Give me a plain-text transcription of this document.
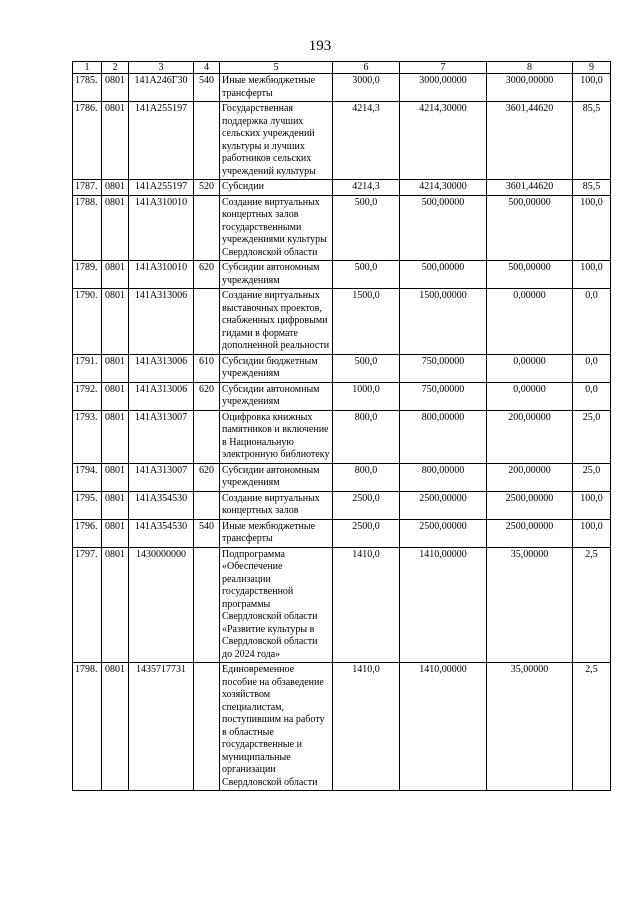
193
1	2	3	4	5	6	7	8	9
1785.	0801	141A246Г30	540	Иные межбюджетные трансферты	3000,0	3000,00000	3000,00000	100,0
1786.	0801	141A255197		Государственная поддержка лучших сельских учреждений культуры и лучших работников сельских учреждений культуры	4214,3	4214,30000	3601,44620	85,5
1787.	0801	141A255197	520	Субсидии	4214,3	4214,30000	3601,44620	85,5
1788.	0801	141A310010		Создание виртуальных концертных залов государственными учреждениями культуры Свердловской области	500,0	500,00000	500,00000	100,0
1789.	0801	141A310010	620	Субсидии автономным учреждениям	500,0	500,00000	500,00000	100,0
1790.	0801	141A313006		Создание виртуальных выставочных проектов, снабженных цифровыми гидами в формате дополненной реальности	1500,0	1500,00000	0,00000	0,0
1791.	0801	141A313006	610	Субсидии бюджетным учреждениям	500,0	750,00000	0,00000	0,0
1792.	0801	141A313006	620	Субсидии автономным учреждениям	1000,0	750,00000	0,00000	0,0
1793.	0801	141A313007		Оцифровка книжных памятников и включение в Национальную электронную библиотеку	800,0	800,00000	200,00000	25,0
1794.	0801	141A313007	620	Субсидии автономным учреждениям	800,0	800,00000	200,00000	25,0
1795.	0801	141A354530		Создание виртуальных концертных залов	2500,0	2500,00000	2500,00000	100,0
1796.	0801	141A354530	540	Иные межбюджетные трансферты	2500,0	2500,00000	2500,00000	100,0
1797.	0801	1430000000		Подпрограмма «Обеспечение реализации государственной программы Свердловской области «Развитие культуры в Свердловской области до 2024 года»	1410,0	1410,00000	35,00000	2,5
1798.	0801	1435717731		Единовременное пособие на обзаведение хозяйством специалистам, поступившим на работу в областные государственные и муниципальные организации Свердловской области	1410,0	1410,00000	35,00000	2,5
